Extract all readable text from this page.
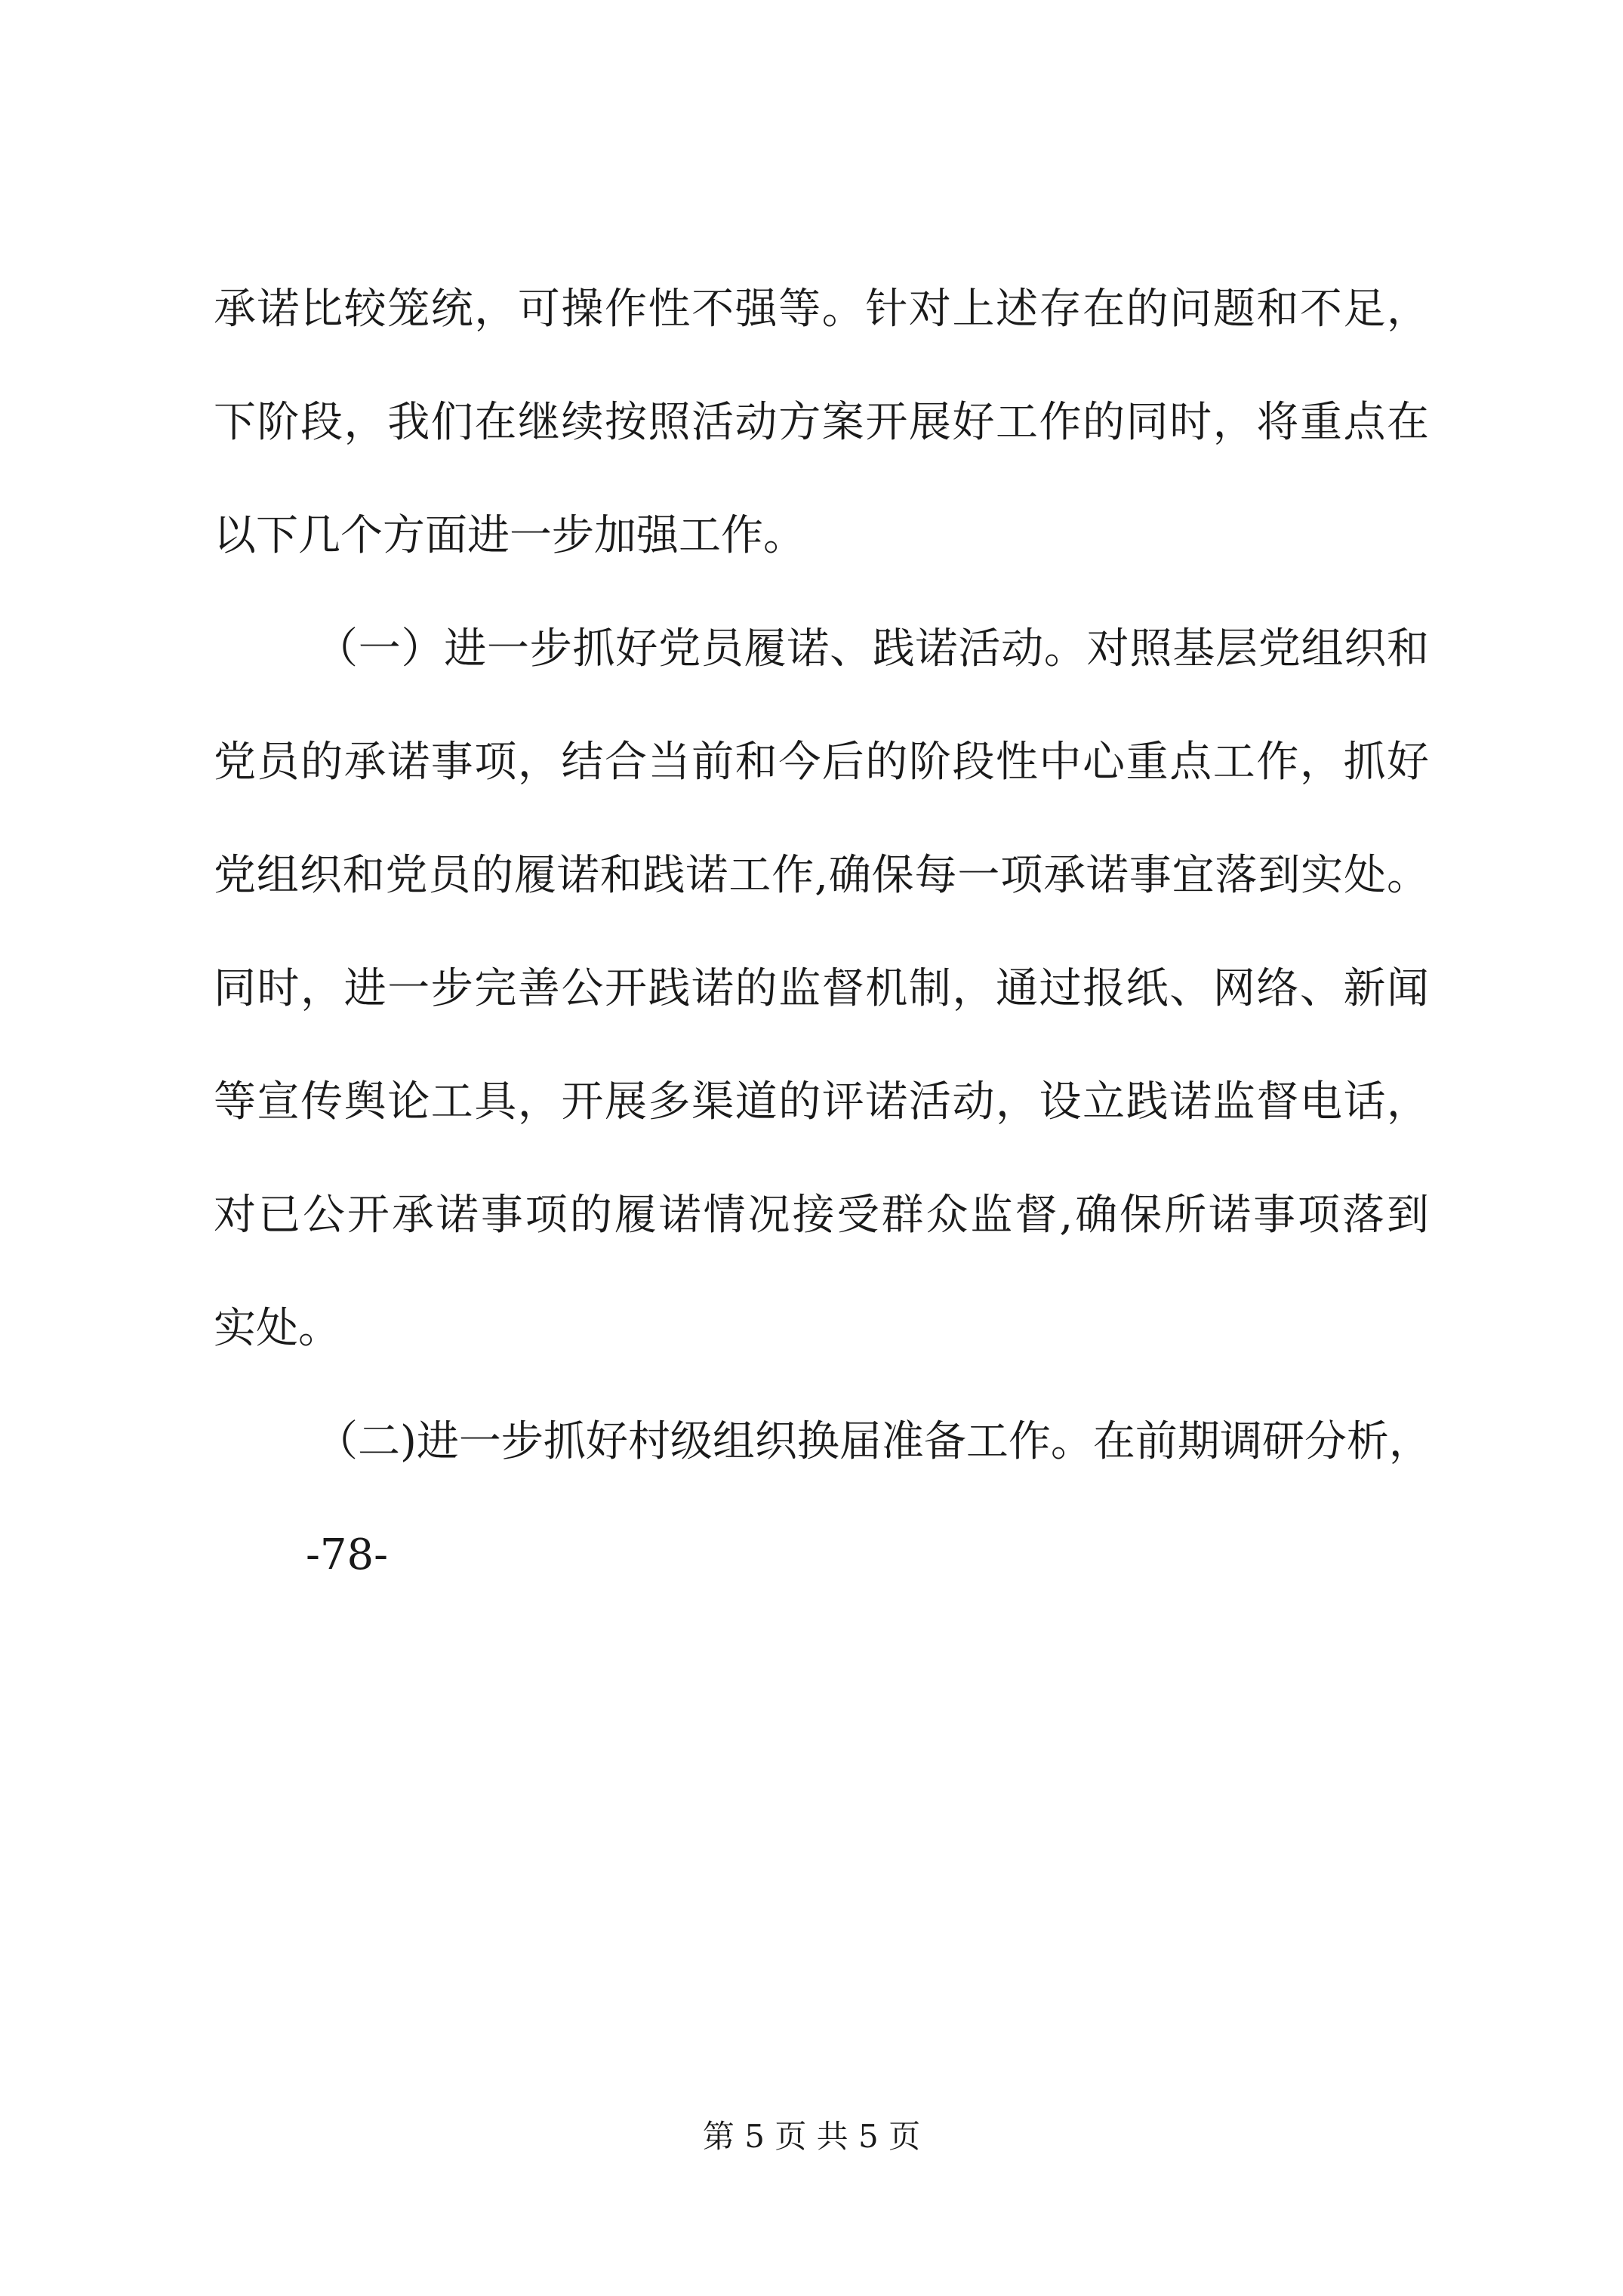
承诺比较笼统，可操作性不强等。针对上述存在的问题和不足，
下阶段，我们在继续按照活动方案开展好工作的同时，将重点在
以下几个方面进一步加强工作。
（一）进一步抓好党员履诺、践诺活动。对照基层党组织和
党员的承诺事项，结合当前和今后的阶段性中心重点工作，抓好
党组织和党员的履诺和践诺工作,确保每一项承诺事宜落到实处。
同时，进一步完善公开践诺的监督机制，通过报纸、网络、新闻
等宣传舆论工具，开展多渠道的评诺活动，设立践诺监督电话，
对已公开承诺事项的履诺情况接受群众监督,确保所诺事项落到
实处。
（二)进一步抓好村级组织换届准备工作。在前期调研分析，
-78-
第 5 页 共 5 页
